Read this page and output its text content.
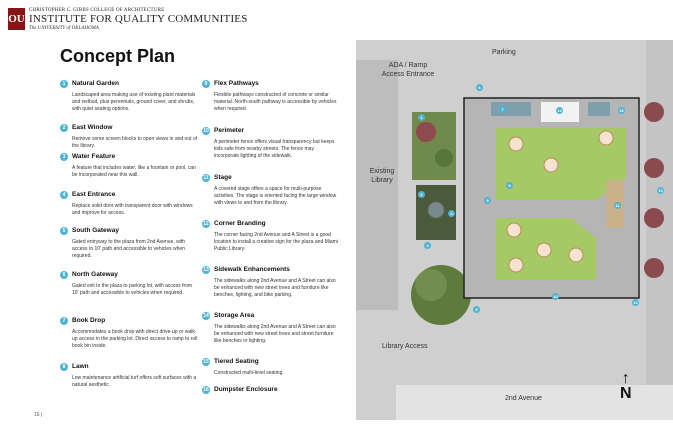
OU
CHRISTOPHER C. GIBBS COLLEGE OF ARCHITECTURE
INSTITUTE FOR QUALITY COMMUNITIES
The UNIVERSITY of OKLAHOMA
Concept Plan
1	Natural Garden
Landscaped area making use of existing plant materials and redbud, plus perennials, ground cover, and shrubs, with quiet seating options.
2	East Window
Remove some screen blocks to open views in and out of the library.
3	Water Feature
A feature that includes water, like a fountain or pool, can be incorporated near this wall.
4	East Entrance
Replace solid door with transparent door with windows and improve for access.
5	South Gateway
Gated entryway to the plaza from 2nd Avenue, with access to 10' path and accessible to vehicles when required.
6	North Gateway
Gated exit to the plaza to parking lot, with access from 10' path and accessible to vehicles when required.
7	Book Drop
Accommodates a book drop with direct drive-up or walk-up access in the parking lot. Direct access to ramp to roll book bin inside.
8	Lawn
Low maintenance artificial turf offers soft surfaces with a natural aesthetic.
9	Flex Pathways
Flexible pathways constructed of concrete or similar material. North-south pathway is accessible by vehicles when required.
10 Perimeter
A perimeter fence offers visual transparency but keeps kids safe from nearby streets. The fence may incorporate lighting of the sidewalk.
11 Stage
A covered stage offers a space for multi-purpose activities. The stage is oriented facing the large window with views to and from the library.
12 Corner Branding
The corner facing 2nd Avenue and A Street is a good location to install a creative sign for the plaza and Miami Public Library.
13 Sidewalk Enhancements
The sidewalks along 2nd Avenue and A Street can also be enhanced with new street trees and furniture like benches, lighting, and bike parking.
14 Storage Area
The sidewalks along 2nd Avenue and A Street can also be enhanced with new street trees and street furniture like benches or lighting.
15 Tiered Seating
Constructed multi-level seating.
16 Dumpster Enclosure
16 |
6
1
7	14	16
8
9
2
3
4
11
13
10
12
5
Parking
ADA / Ramp
Access Entrance
Existing
Library
Library Access
2nd Avenue
↑
N
